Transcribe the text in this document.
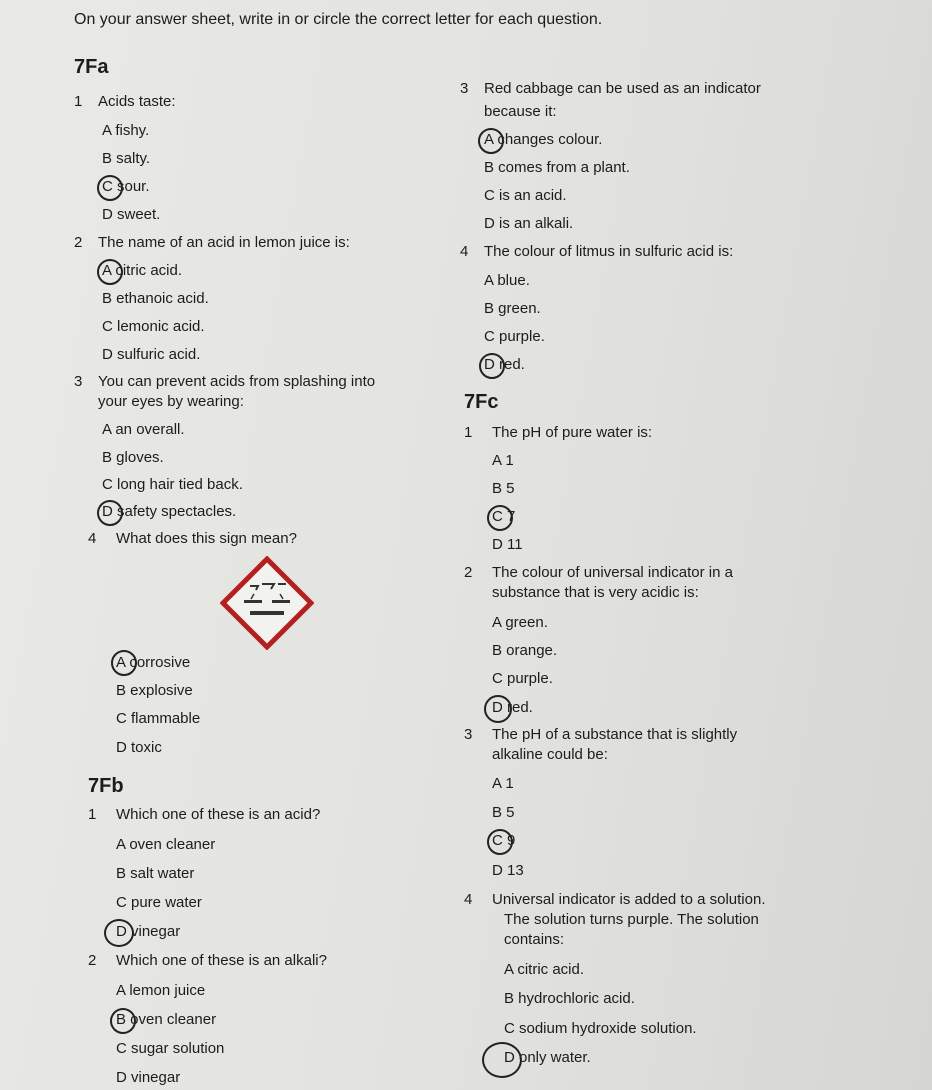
On your answer sheet, write in or circle the correct letter for each question.
7Fa
1 Acids taste:
A fishy.
B salty.
C sour.
D sweet.
2 The name of an acid in lemon juice is:
A citric acid.
B ethanoic acid.
C lemonic acid.
D sulfuric acid.
3 You can prevent acids from splashing into
your eyes by wearing:
A an overall.
B gloves.
C long hair tied back.
D safety spectacles.
4 What does this sign mean?
A corrosive
B explosive
C flammable
D toxic
7Fb
1 Which one of these is an acid?
A oven cleaner
B salt water
C pure water
D vinegar
2 Which one of these is an alkali?
A lemon juice
B oven cleaner
C sugar solution
D vinegar
3 Red cabbage can be used as an indicator
because it:
A changes colour.
B comes from a plant.
C is an acid.
D is an alkali.
4 The colour of litmus in sulfuric acid is:
A blue.
B green.
C purple.
D red.
7Fc
1 The pH of pure water is:
A 1
B 5
C 7
D 11
2 The colour of universal indicator in a
substance that is very acidic is:
A green.
B orange.
C purple.
D red.
3 The pH of a substance that is slightly
alkaline could be:
A 1
B 5
C 9
D 13
4 Universal indicator is added to a solution.
The solution turns purple. The solution
contains:
A citric acid.
B hydrochloric acid.
C sodium hydroxide solution.
D only water.
